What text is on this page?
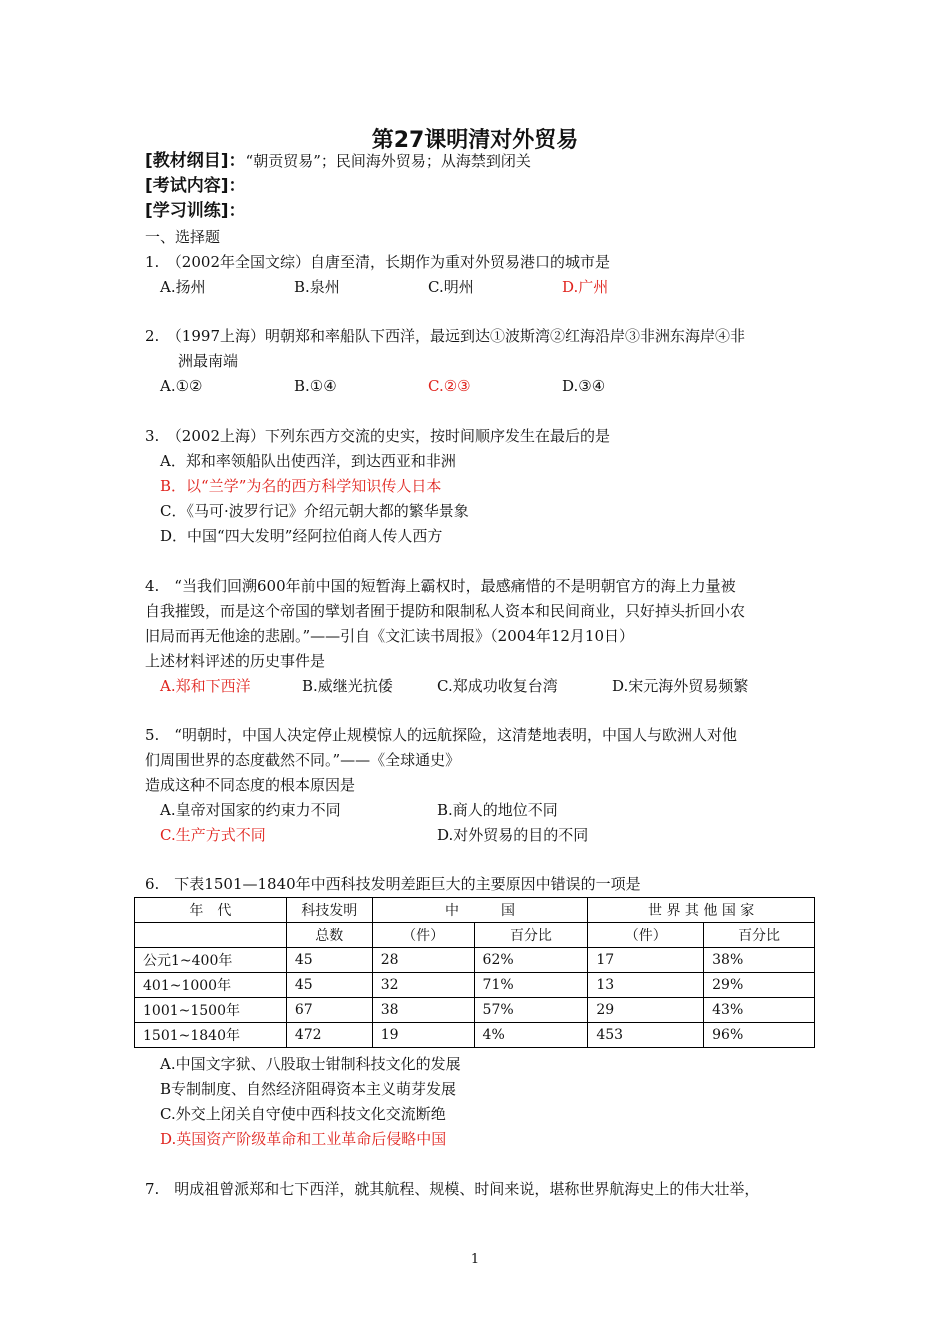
第27课明清对外贸易
[教材纲目]：“朝贡贸易”；民间海外贸易；从海禁到闭关
[考试内容]：
[学习训练]：
一、选择题
1.　（2002年全国文综）自唐至清，长期作为重对外贸易港口的城市是
A.扬州	B.泉州	C.明州	D.广州
2.　（1997上海）明朝郑和率船队下西洋，最远到达①波斯湾②红海沿岸③非洲东海岸④非
洲最南端
A.①②	B.①④	C.②③	D.③④
3.　（2002上海）下列东西方交流的史实，按时间顺序发生在最后的是
A．郑和率领船队出使西洋，到达西亚和非洲
B．以“兰学”为名的西方科学知识传人日本
C．《马可·波罗行记》介绍元朝大都的繁华景象
D．中国“四大发明”经阿拉伯商人传人西方
4.　“当我们回溯600年前中国的短暂海上霸权时，最感痛惜的不是明朝官方的海上力量被
自我摧毁，而是这个帝国的擘划者囿于提防和限制私人资本和民间商业，只好掉头折回小农
旧局而再无他途的悲剧。”——引自《文汇读书周报》（2004年12月10日）
上述材料评述的历史事件是
A.郑和下西洋	B.威继光抗倭	C.郑成功收复台湾	D.宋元海外贸易频繁
5.　“明朝时，中国人决定停止规模惊人的远航探险，这清楚地表明，中国人与欧洲人对他
们周围世界的态度截然不同。”——《全球通史》
造成这种不同态度的根本原因是
A.皇帝对国家的约束力不同	B.商人的地位不同
C.生产方式不同	D.对外贸易的目的不同
6.　下表1501—1840年中西科技发明差距巨大的主要原因中错误的一项是
年　代	科技发明	中　　　国		世 界 其 他 国 家	
	总数	（件）	百分比	（件）	百分比
公元1~400年	45	28	62%	17	38%
401~1000年	45	32	71%	13	29%
1001~1500年	67	38	57%	29	43%
1501~1840年	472	19	4%	453	96%
A.中国文字狱、八股取士钳制科技文化的发展
B专制制度、自然经济阻碍资本主义萌芽发展
C.外交上闭关自守使中西科技文化交流断绝
D.英国资产阶级革命和工业革命后侵略中国
7.　明成祖曾派郑和七下西洋，就其航程、规模、时间来说，堪称世界航海史上的伟大壮举，
1
